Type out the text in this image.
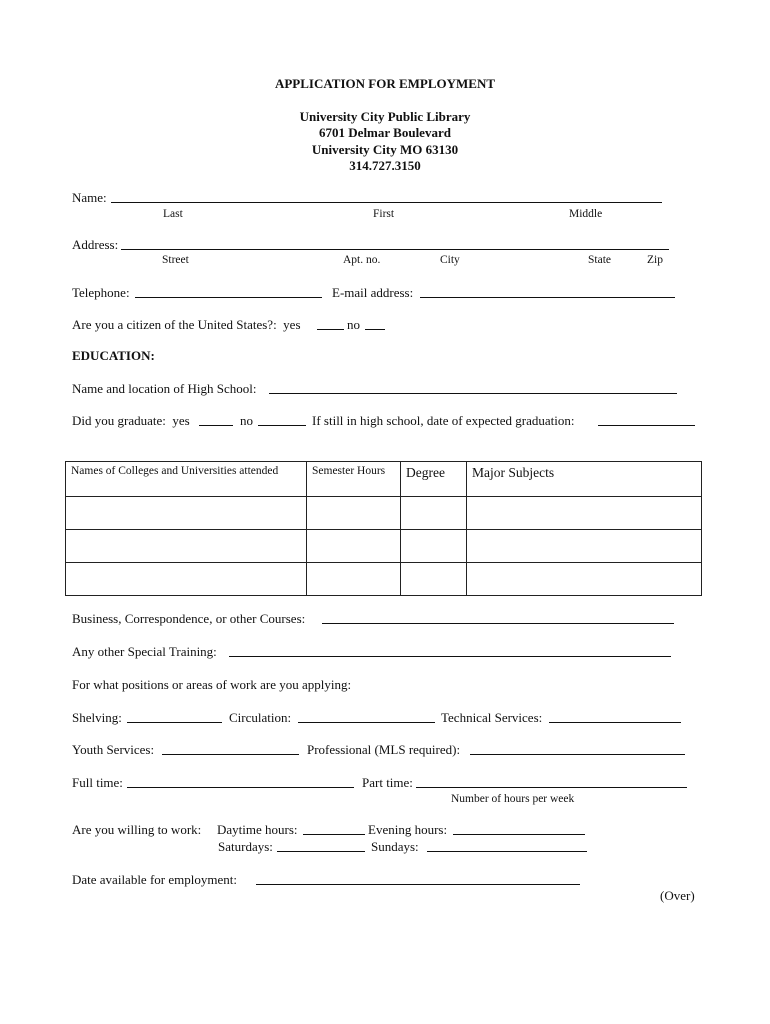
APPLICATION FOR EMPLOYMENT
University City Public Library
6701 Delmar Boulevard
University City MO 63130
314.727.3150
Name:
Last	First	Middle
Address:
Street	Apt. no.	City	State	Zip
Telephone:	E-mail address:
Are you a citizen of the United States?:  yes	no
EDUCATION:
Name and location of High School:
Did you graduate:  yes	no	If still in high school, date of expected graduation:
Names of Colleges and Universities attended	Semester Hours	Degree	Major Subjects

Business, Correspondence, or other Courses:
Any other Special Training:
For what positions or areas of work are you applying:
Shelving:	Circulation:	Technical Services:
Youth Services:	Professional (MLS required):
Full time:	Part time:
Number of hours per week
Are you willing to work: Daytime hours:	Evening hours:
Saturdays:	Sundays:
Date available for employment:
(Over)
